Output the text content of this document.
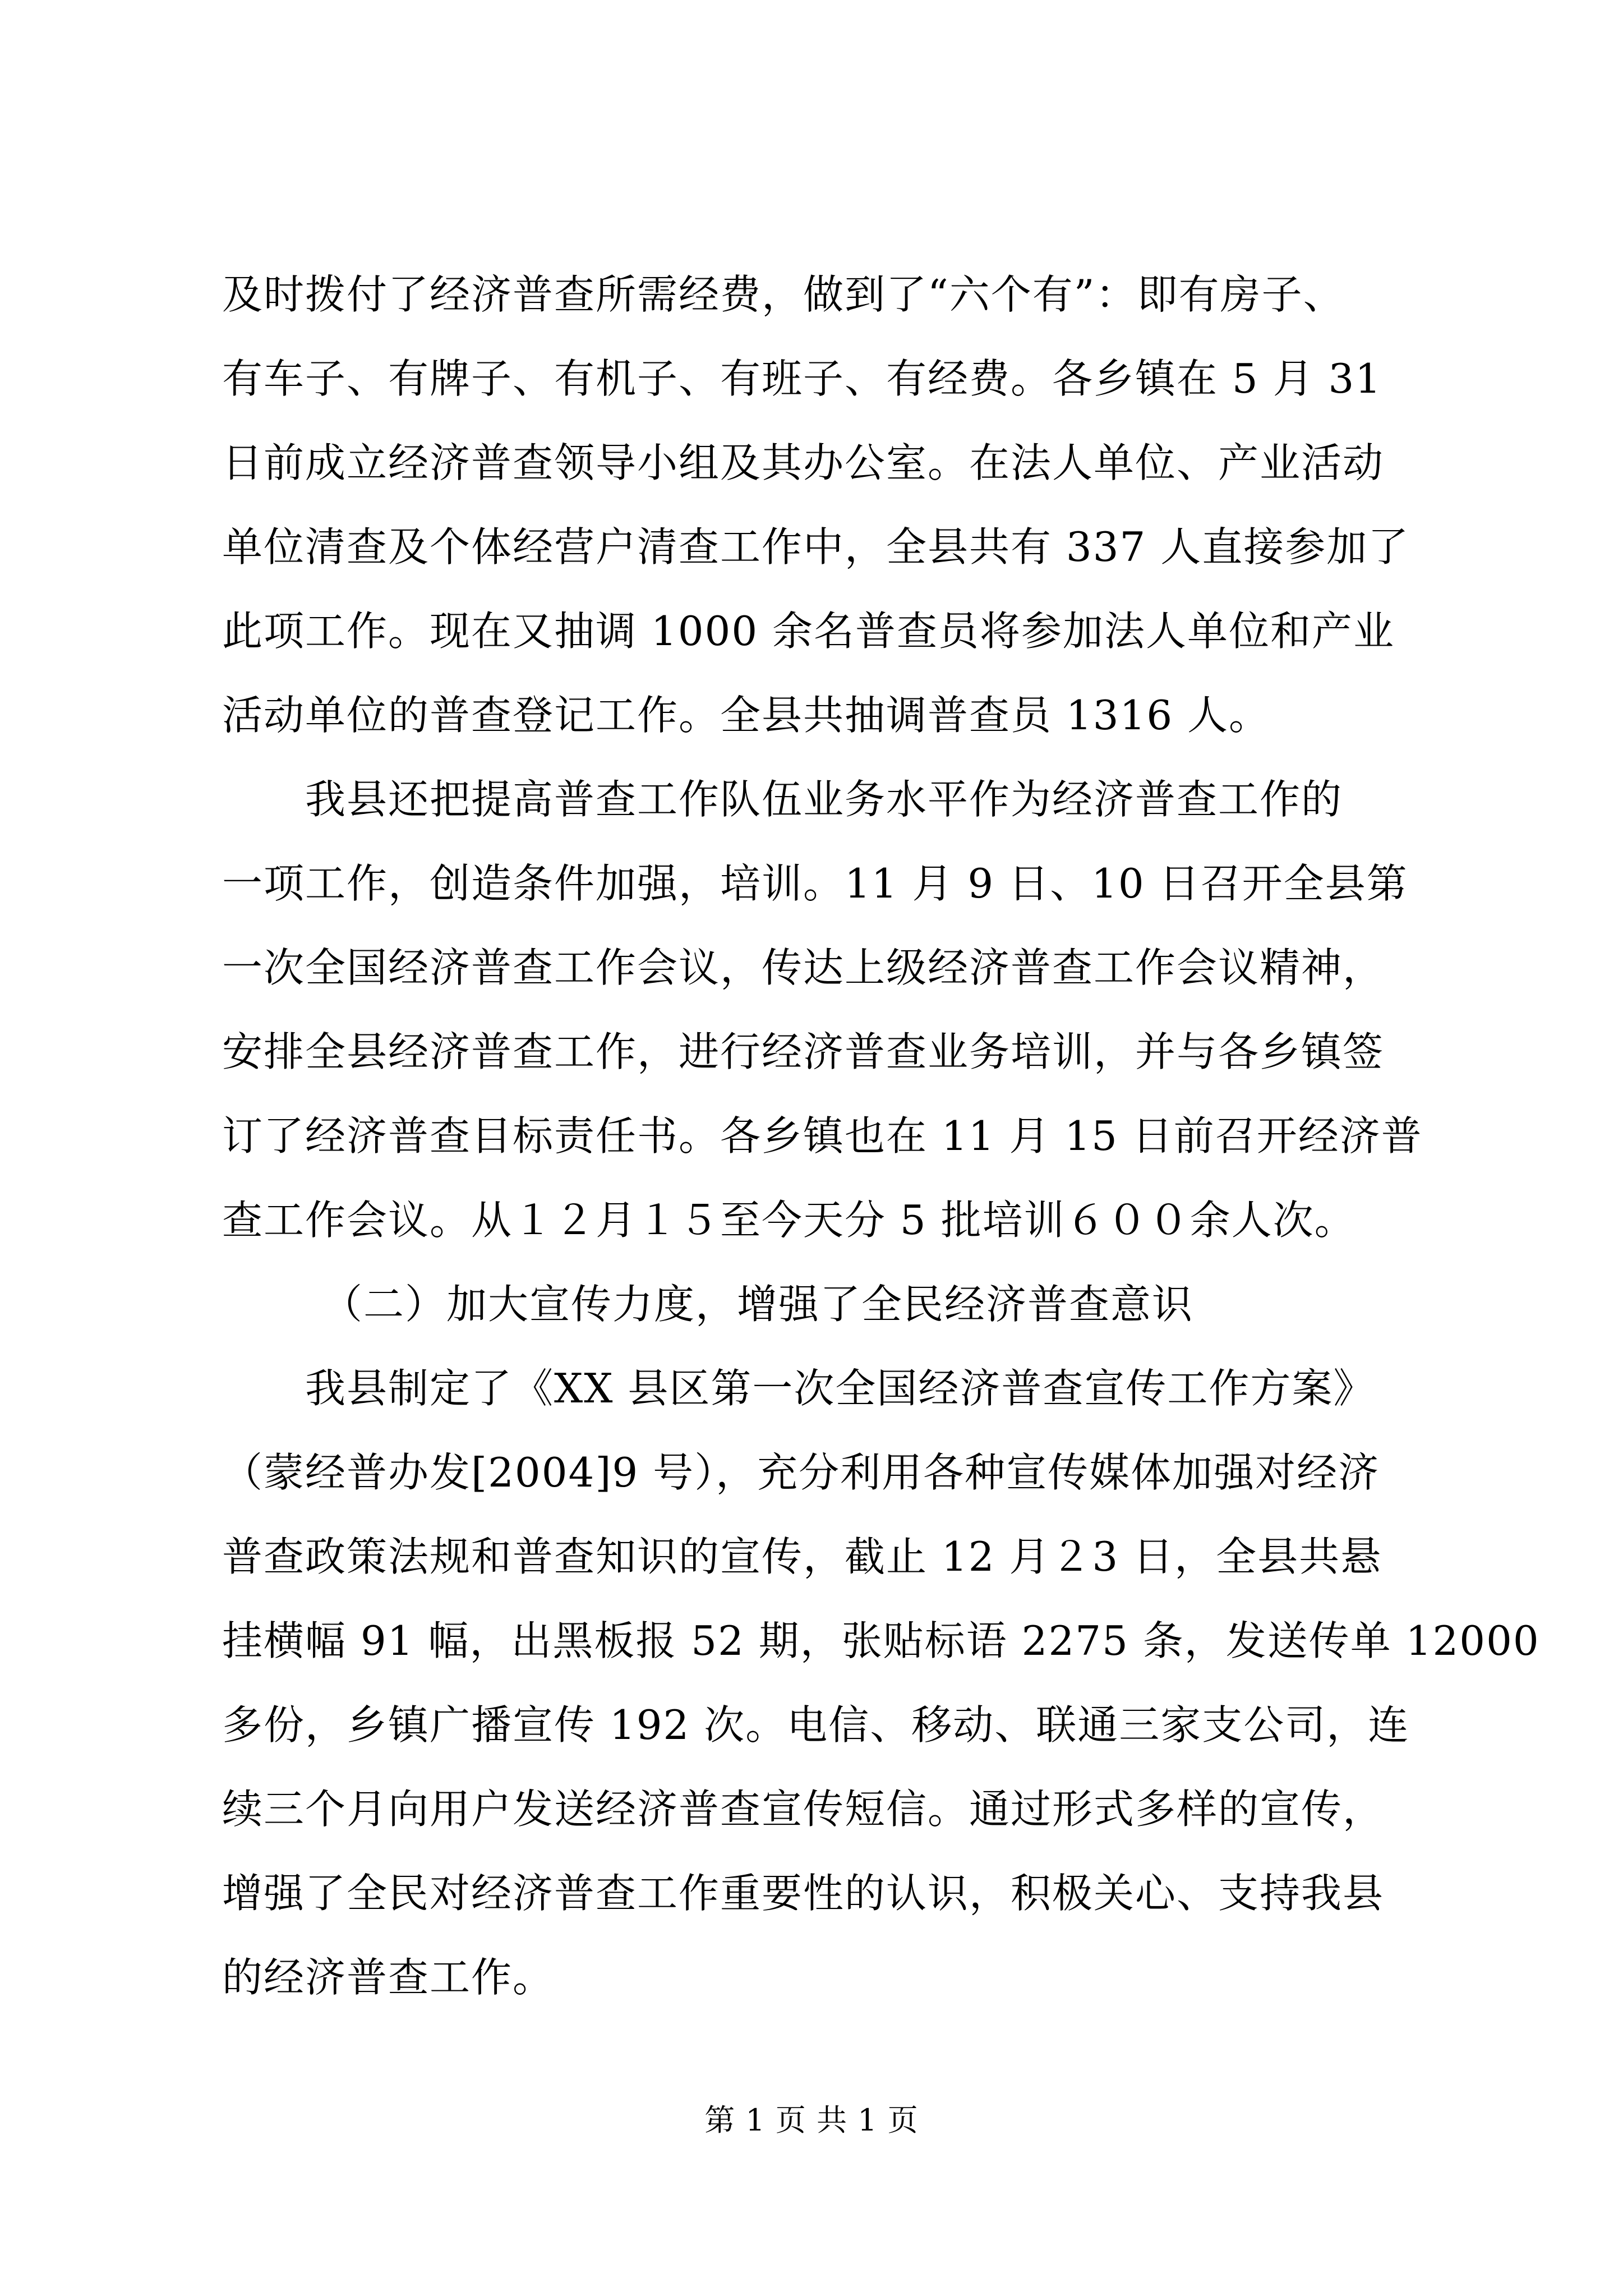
及时拨付了经济普查所需经费，做到了“六个有”：即有房子、
有车子、有牌子、有机子、有班子、有经费。各乡镇在 5 月 31
日前成立经济普查领导小组及其办公室。在法人单位、产业活动
单位清查及个体经营户清查工作中，全县共有 337 人直接参加了
此项工作。现在又抽调 1000 余名普查员将参加法人单位和产业
活动单位的普查登记工作。全县共抽调普查员 1316 人。
我县还把提高普查工作队伍业务水平作为经济普查工作的
一项工作，创造条件加强，培训。11 月 9 日、10 日召开全县第
一次全国经济普查工作会议，传达上级经济普查工作会议精神，
安排全县经济普查工作，进行经济普查业务培训，并与各乡镇签
订了经济普查目标责任书。各乡镇也在 11 月 15 日前召开经济普
查工作会议。从１２月１５至今天分 5 批培训６００余人次。
（二）加大宣传力度，增强了全民经济普查意识
我县制定了《XX 县区第一次全国经济普查宣传工作方案》
（蒙经普办发[2004]9 号），充分利用各种宣传媒体加强对经济
普查政策法规和普查知识的宣传，截止 12 月２3 日，全县共悬
挂横幅 91 幅，出黑板报 52 期，张贴标语 2275 条，发送传单 12000
多份，乡镇广播宣传 192 次。电信、移动、联通三家支公司，连
续三个月向用户发送经济普查宣传短信。通过形式多样的宣传，
增强了全民对经济普查工作重要性的认识，积极关心、支持我县
的经济普查工作。
第 1 页 共 1 页
